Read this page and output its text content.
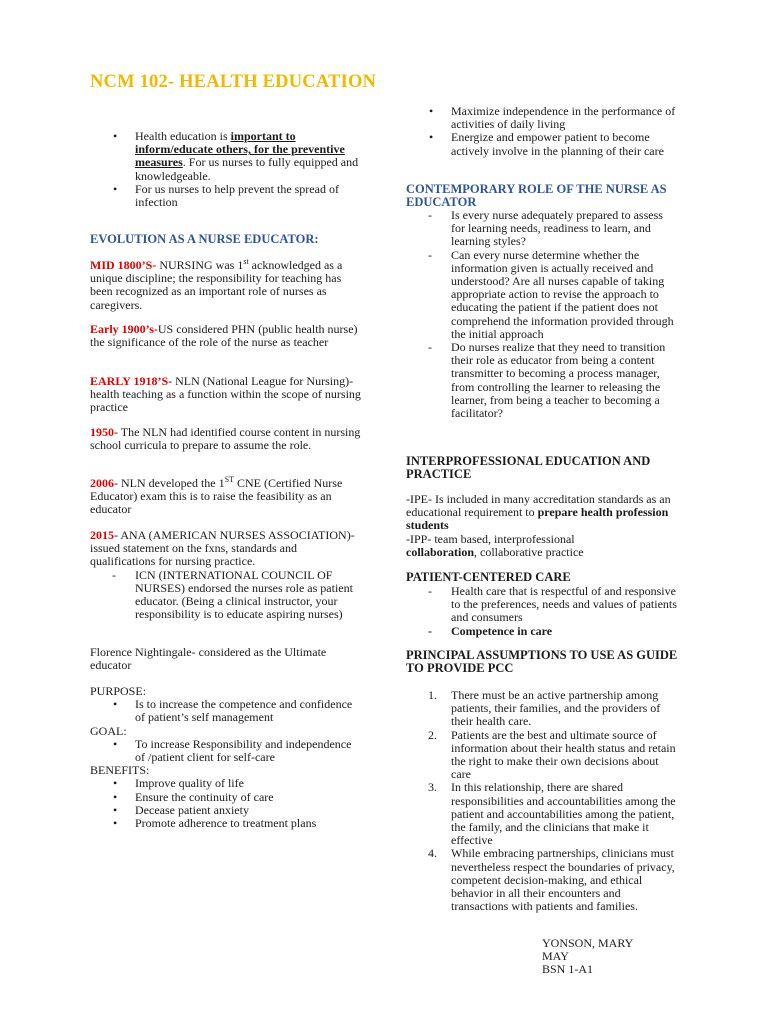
NCM 102- HEALTH EDUCATION
• Health education is important to inform/educate others, for the preventive measures. For us nurses to fully equipped and knowledgeable.
• For us nurses to help prevent the spread of infection

EVOLUTION AS A NURSE EDUCATOR:

MID 1800’S- NURSING was 1st acknowledged as a unique discipline; the responsibility for teaching has been recognized as an important role of nurses as caregivers.

Early 1900’s-US considered PHN (public health nurse) the significance of the role of the nurse as teacher

EARLY 1918’S- NLN (National League for Nursing)- health teaching as a function within the scope of nursing practice

1950- The NLN had identified course content in nursing school curricula to prepare to assume the role.

2006- NLN developed the 1ST CNE (Certified Nurse Educator) exam this is to raise the feasibility as an educator

2015- ANA (AMERICAN NURSES ASSOCIATION)- issued statement on the fxns, standards and qualifications for nursing practice.

- ICN (INTERNATIONAL COUNCIL OF NURSES) endorsed the nurses role as patient educator. (Being a clinical instructor, your responsibility is to educate aspiring nurses)

Florence Nightingale- considered as the Ultimate educator

PURPOSE:

• Is to increase the competence and confidence of patient’s self management

GOAL:

• To increase Responsibility and independence of /patient client for self-care

BENEFITS:

• Improve quality of life
• Ensure the continuity of care
• Decease patient anxiety
• Promote adherence to treatment plans
• Maximize independence in the performance of activities of daily living
• Energize and empower patient to become actively involve in the planning of their care

CONTEMPORARY ROLE OF THE NURSE AS EDUCATOR

- Is every nurse adequately prepared to assess for learning needs, readiness to learn, and learning styles?
- Can every nurse determine whether the information given is actually received and understood? Are all nurses capable of taking appropriate action to revise the approach to educating the patient if the patient does not comprehend the information provided through the initial approach
- Do nurses realize that they need to transition their role as educator from being a content transmitter to becoming a process manager, from controlling the learner to releasing the learner, from being a teacher to becoming a facilitator?

INTERPROFESSIONAL EDUCATION AND PRACTICE

-IPE- Is included in many accreditation standards as an educational requirement to prepare health profession students

-IPP- team based, interprofessional
collaboration, collaborative practice

PATIENT-CENTERED CARE

- Health care that is respectful of and responsive to the preferences, needs and values of patients and consumers
- Competence in care

PRINCIPAL ASSUMPTIONS TO USE AS GUIDE TO PROVIDE PCC

1. There must be an active partnership among patients, their families, and the providers of their health care.
2. Patients are the best and ultimate source of information about their health status and retain the right to make their own decisions about care
3. In this relationship, there are shared responsibilities and accountabilities among the patient and accountabilities among the patient, the family, and the clinicians that make it effective
4. While embracing partnerships, clinicians must nevertheless respect the boundaries of privacy, competent decision-making, and ethical behavior in all their encounters and transactions with patients and families.
YONSON, MARY
MAY
BSN 1-A1
